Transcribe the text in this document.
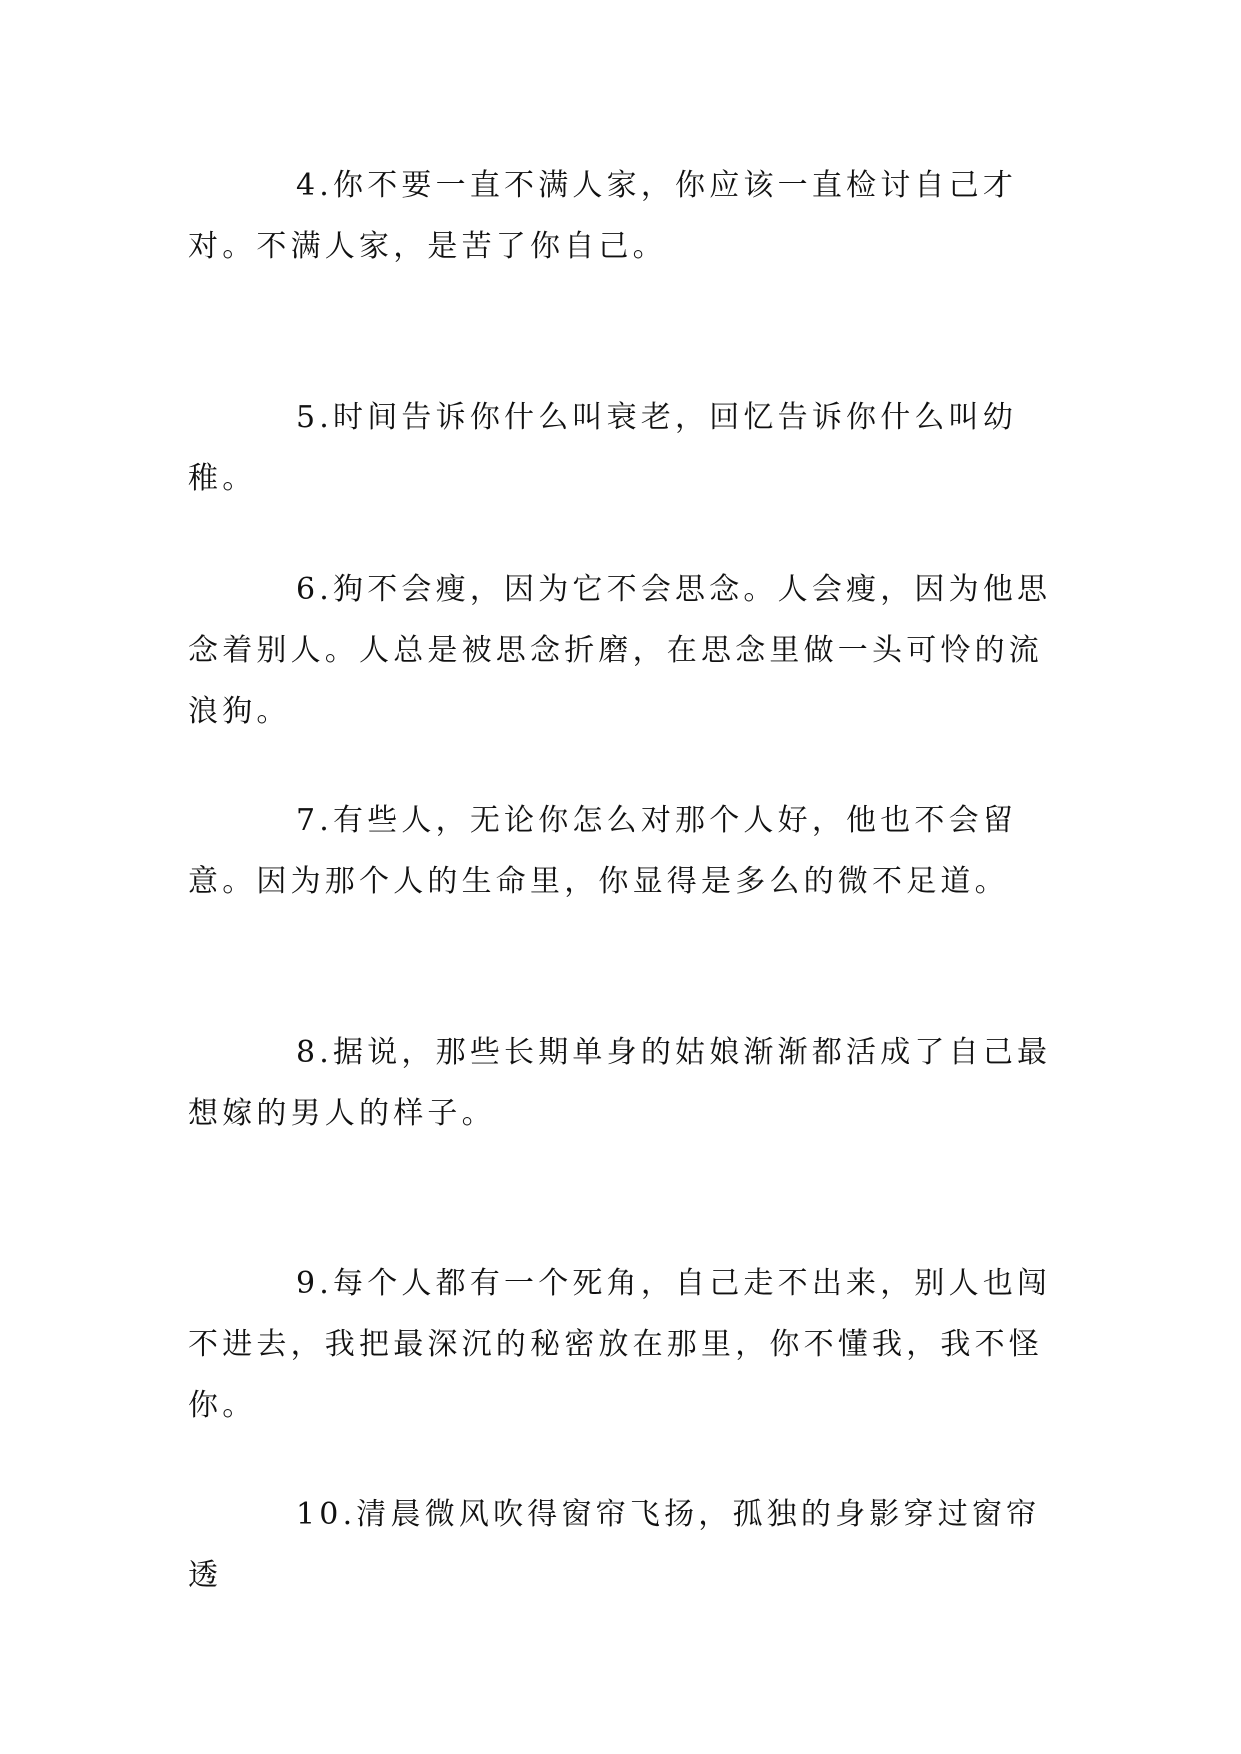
4.你不要一直不满人家，你应该一直检讨自己才对。不满人家，是苦了你自己。

5.时间告诉你什么叫衰老，回忆告诉你什么叫幼稚。

6.狗不会瘦，因为它不会思念。人会瘦，因为他思念着别人。人总是被思念折磨，在思念里做一头可怜的流浪狗。

7.有些人，无论你怎么对那个人好，他也不会留意。因为那个人的生命里，你显得是多么的微不足道。

8.据说，那些长期单身的姑娘渐渐都活成了自己最想嫁的男人的样子。

9.每个人都有一个死角，自己走不出来，别人也闯不进去，我把最深沉的秘密放在那里，你不懂我，我不怪你。

10.清晨微风吹得窗帘飞扬，孤独的身影穿过窗帘透
